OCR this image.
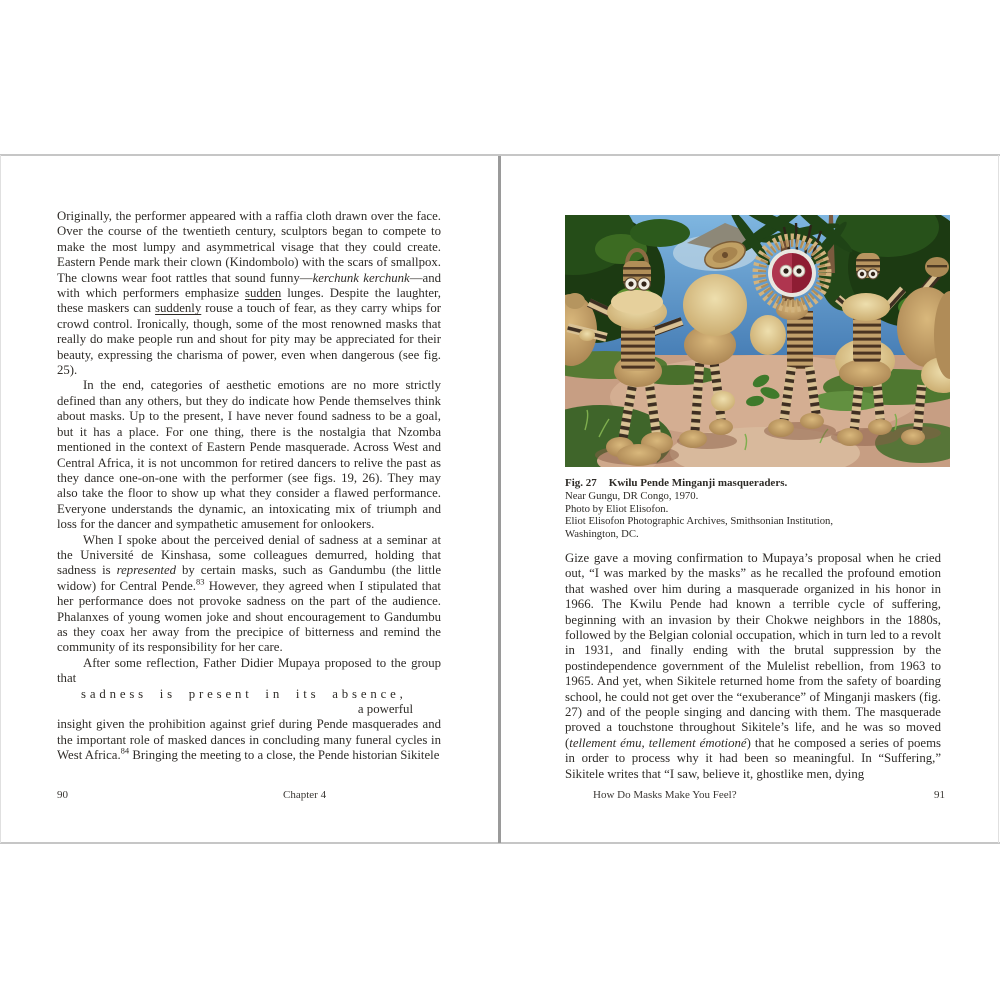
Originally, the performer appeared with a raffia cloth drawn over the face. Over the course of the twentieth century, sculptors began to compete to make the most lumpy and asymmetrical visage that they could create. Eastern Pende mark their clown (Kindombolo) with the scars of smallpox. The clowns wear foot rattles that sound funny—kerchunk kerchunk—and with which performers emphasize sudden lunges. Despite the laughter, these maskers can suddenly rouse a touch of fear, as they carry whips for crowd control. Ironically, though, some of the most renowned masks that really do make people run and shout for pity may be appreciated for their beauty, expressing the charisma of power, even when dangerous (see fig. 25).

In the end, categories of aesthetic emotions are no more strictly defined than any others, but they do indicate how Pende themselves think about masks. Up to the present, I have never found sadness to be a goal, but it has a place. For one thing, there is the nostalgia that Nzomba mentioned in the context of Eastern Pende masquerade. Across West and Central Africa, it is not uncommon for retired dancers to relive the past as they dance one-on-one with the performer (see figs. 19, 26). They may also take the floor to show up what they consider a flawed performance. Everyone understands the dynamic, an intoxicating mix of triumph and loss for the dancer and sympathetic amusement for onlookers.

When I spoke about the perceived denial of sadness at a seminar at the Université de Kinshasa, some colleagues demurred, holding that sadness is represented by certain masks, such as Gandumbu (the little widow) for Central Pende.$^{83}$ However, they agreed when I stipulated that her performance does not provoke sadness on the part of the audience. Phalanxes of young women joke and shout encouragement to Gandumbu as they coax her away from the precipice of bitterness and remind the community of its responsibility for her care.

After some reflection, Father Didier Mupaya proposed to the group that

sadness is present in its absence,
a powerful

insight given the prohibition against grief during Pende masquerades and the important role of masked dances in concluding many funeral cycles in West Africa.$^{84}$ Bringing the meeting to a close, the Pende historian Sikitele

90	Chapter 4
Fig. 27 Kwilu Pende Minganji masqueraders.
Near Gungu, DR Congo, 1970.
Photo by Eliot Elisofon.
Eliot Elisofon Photographic Archives, Smithsonian Institution,
Washington, DC.

Gize gave a moving confirmation to Mupaya’s proposal when he cried out, “I was marked by the masks” as he recalled the profound emotion that washed over him during a masquerade organized in his honor in 1966. The Kwilu Pende had known a terrible cycle of suffering, beginning with an invasion by their Chokwe neighbors in the 1880s, followed by the Belgian colonial occupation, which in turn led to a revolt in 1931, and finally ending with the brutal suppression by the postindependence government of the Mulelist rebellion, from 1963 to 1965. And yet, when Sikitele returned home from the safety of boarding school, he could not get over the “exuberance” of Minganji maskers (fig. 27) and of the people singing and dancing with them. The masquerade proved a touchstone throughout Sikitele’s life, and he was so moved (tellement ému, tellement émotioné) that he composed a series of poems in order to process why it had been so meaningful. In “Suffering,” Sikitele writes that “I saw, believe it, ghostlike men, dying

How Do Masks Make You Feel?	91
